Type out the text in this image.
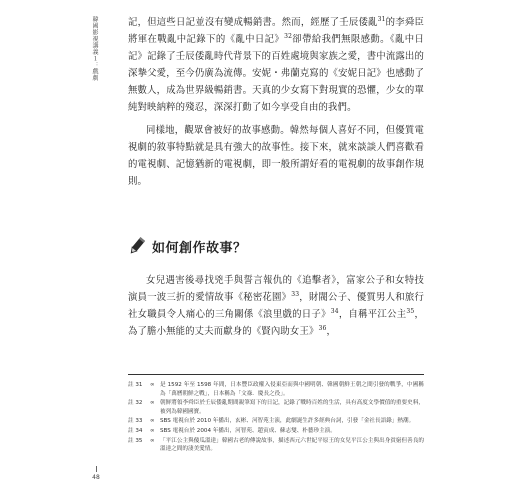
韓國影視講義１：戲劇	記，但這些日記並沒有變成暢銷書。然而，經歷了壬辰倭亂$^{31}$的李舜臣將軍在戰亂中記錄下的《亂中日記》$^{32}$卻帶給我們無限感動。《亂中日記》記錄了壬辰倭亂時代背景下的百姓處境與家族之愛，書中流露出的深摯父愛，至今仍廣為流傳。安妮・弗蘭克寫的《安妮日記》也感動了無數人，成為世界級暢銷書。天真的少女寫下對現實的恐懼，少女的單純對映納粹的殘忍，深深打動了如今享受自由的我們。

同樣地，觀眾會被好的故事感動。韓然每個人喜好不同，但優質電視劇的敘事特點就是具有強大的故事性。接下來，就來談談人們喜歡看的電視劇、記憶猶新的電視劇，即一般所謂好看的電視劇的故事創作規則。

如何創作故事？

女兒遇害後尋找兇手與誓言報仇的《追擊者》，富家公子和女特技演員一波三折的愛情故事《秘密花園》$^{33}$，財閥公子、優質男人和旅行社女職員令人痛心的三角關係《浪里戲的日子》$^{34}$，自稱平江公主$^{35}$，為了膽小無能的丈夫而獻身的《賢內助女王》$^{36}$，

註 31	∞ 是 1592 年至 1598 年間，日本豐臣政權入侵東亞而與中國明朝、韓國朝鮮王朝之間引發的戰爭，中國稱為「萬曆朝鮮之戰」，日本稱為「文祿．慶長之役」。
註 32	∞ 朝鮮將領李舜臣於壬辰倭亂期間親筆寫下的日記，記錄了戰時百姓的生活，具有高度文學價值的重要史料，被列為韓國國寶。
註 33	∞ SBS 電視台於 2010 年播出，玄彬、河智苑主演，此劇誕生許多經典台詞，引發「金社長語錄」熱潮。
註 34	∞ SBS 電視台於 2004 年播出，河智苑、趙寅成、蘇志燮、朴藝珍主演。
註 35	∞ 「平江公主與傻瓜溫達」韓國古老的傳說故事，描述西元六世紀平原王的女兒平江公主與出身貧窮但善良的溫達之間的淒美愛情。
48
